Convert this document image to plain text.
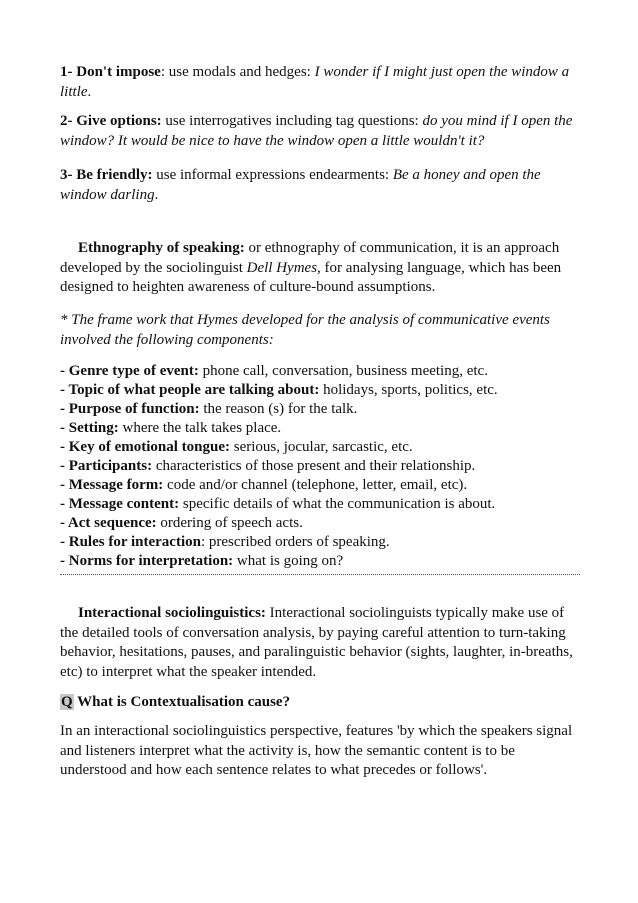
1- Don't impose: use modals and hedges: I wonder if I might just open the window a little.
2- Give options: use interrogatives including tag questions: do you mind if I open the window? It would be nice to have the window open a little wouldn't it?
3- Be friendly: use informal expressions endearments: Be a honey and open the window darling.
Ethnography of speaking: or ethnography of communication, it is an approach developed by the sociolinguist Dell Hymes, for analysing language, which has been designed to heighten awareness of culture-bound assumptions.
* The frame work that Hymes developed for the analysis of communicative events involved the following components:
- Genre type of event: phone call, conversation, business meeting, etc.
- Topic of what people are talking about: holidays, sports, politics, etc.
- Purpose of function: the reason (s) for the talk.
- Setting: where the talk takes place.
- Key of emotional tongue: serious, jocular, sarcastic, etc.
- Participants: characteristics of those present and their relationship.
- Message form: code and/or channel (telephone, letter, email, etc).
- Message content: specific details of what the communication is about.
- Act sequence: ordering of speech acts.
- Rules for interaction: prescribed orders of speaking.
- Norms for interpretation: what is going on?
Interactional sociolinguistics: Interactional sociolinguists typically make use of the detailed tools of conversation analysis, by paying careful attention to turn-taking behavior, hesitations, pauses, and paralinguistic behavior (sights, laughter, in-breaths, etc) to interpret what the speaker intended.
Q What is Contextualisation cause?
In an interactional sociolinguistics perspective, features 'by which the speakers signal and listeners interpret what the activity is, how the semantic content is to be understood and how each sentence relates to what precedes or follows'.
